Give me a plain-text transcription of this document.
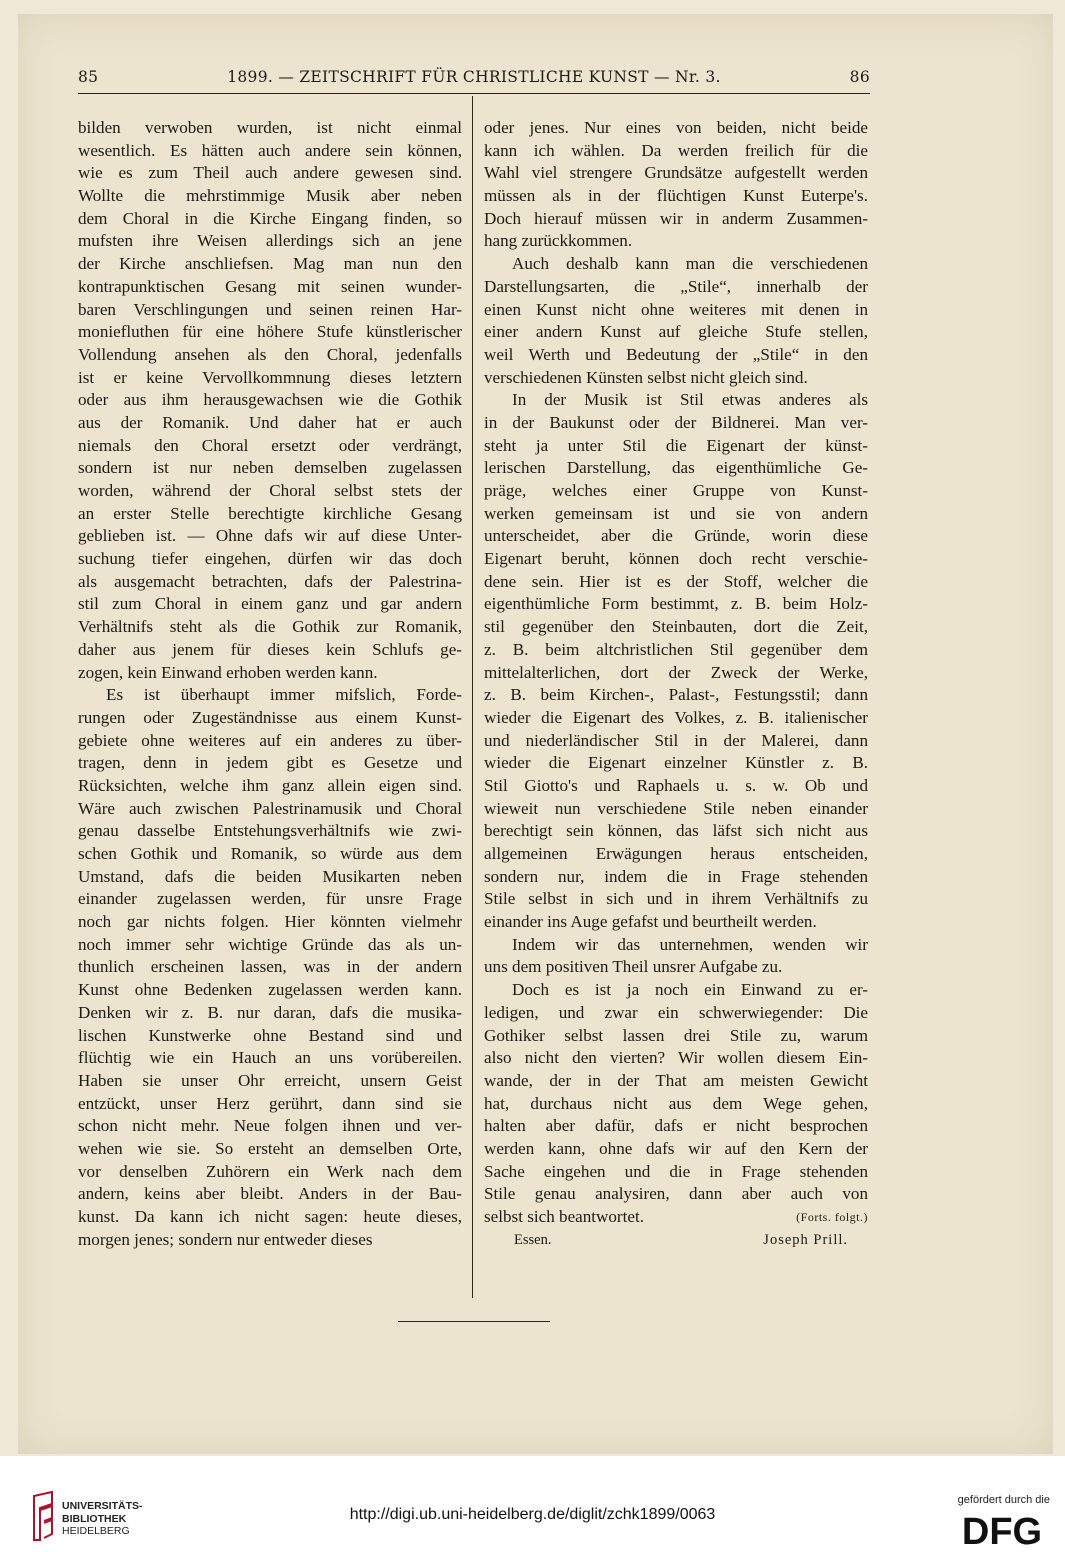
85	1899. — ZEITSCHRIFT FÜR CHRISTLICHE KUNST — Nr. 3.	86
bilden verwoben wurden, ist nicht einmal
wesentlich. Es hätten auch andere sein können,
wie es zum Theil auch andere gewesen sind.
Wollte die mehrstimmige Musik aber neben
dem Choral in die Kirche Eingang finden, so
mufsten ihre Weisen allerdings sich an jene
der Kirche anschliefsen. Mag man nun den
kontrapunktischen Gesang mit seinen wunder-
baren Verschlingungen und seinen reinen Har-
moniefluthen für eine höhere Stufe künstlerischer
Vollendung ansehen als den Choral, jedenfalls
ist er keine Vervollkommnung dieses letztern
oder aus ihm herausgewachsen wie die Gothik
aus der Romanik. Und daher hat er auch
niemals den Choral ersetzt oder verdrängt,
sondern ist nur neben demselben zugelassen
worden, während der Choral selbst stets der
an erster Stelle berechtigte kirchliche Gesang
geblieben ist. — Ohne dafs wir auf diese Unter-
suchung tiefer eingehen, dürfen wir das doch
als ausgemacht betrachten, dafs der Palestrina-
stil zum Choral in einem ganz und gar andern
Verhältnifs steht als die Gothik zur Romanik,
daher aus jenem für dieses kein Schlufs ge-
zogen, kein Einwand erhoben werden kann.
Es ist überhaupt immer mifslich, Forde-
rungen oder Zugeständnisse aus einem Kunst-
gebiete ohne weiteres auf ein anderes zu über-
tragen, denn in jedem gibt es Gesetze und
Rücksichten, welche ihm ganz allein eigen sind.
Wäre auch zwischen Palestrinamusik und Choral
genau dasselbe Entstehungsverhältnifs wie zwi-
schen Gothik und Romanik, so würde aus dem
Umstand, dafs die beiden Musikarten neben
einander zugelassen werden, für unsre Frage
noch gar nichts folgen. Hier könnten vielmehr
noch immer sehr wichtige Gründe das als un-
thunlich erscheinen lassen, was in der andern
Kunst ohne Bedenken zugelassen werden kann.
Denken wir z. B. nur daran, dafs die musika-
lischen Kunstwerke ohne Bestand sind und
flüchtig wie ein Hauch an uns vorübereilen.
Haben sie unser Ohr erreicht, unsern Geist
entzückt, unser Herz gerührt, dann sind sie
schon nicht mehr. Neue folgen ihnen und ver-
wehen wie sie. So ersteht an demselben Orte,
vor denselben Zuhörern ein Werk nach dem
andern, keins aber bleibt. Anders in der Bau-
kunst. Da kann ich nicht sagen: heute dieses,
morgen jenes; sondern nur entweder dieses
oder jenes. Nur eines von beiden, nicht beide
kann ich wählen. Da werden freilich für die
Wahl viel strengere Grundsätze aufgestellt werden
müssen als in der flüchtigen Kunst Euterpe's.
Doch hierauf müssen wir in anderm Zusammen-
hang zurückkommen.
Auch deshalb kann man die verschiedenen
Darstellungsarten, die „Stile“, innerhalb der
einen Kunst nicht ohne weiteres mit denen in
einer andern Kunst auf gleiche Stufe stellen,
weil Werth und Bedeutung der „Stile“ in den
verschiedenen Künsten selbst nicht gleich sind.
In der Musik ist Stil etwas anderes als
in der Baukunst oder der Bildnerei. Man ver-
steht ja unter Stil die Eigenart der künst-
lerischen Darstellung, das eigenthümliche Ge-
präge, welches einer Gruppe von Kunst-
werken gemeinsam ist und sie von andern
unterscheidet, aber die Gründe, worin diese
Eigenart beruht, können doch recht verschie-
dene sein. Hier ist es der Stoff, welcher die
eigenthümliche Form bestimmt, z. B. beim Holz-
stil gegenüber den Steinbauten, dort die Zeit,
z. B. beim altchristlichen Stil gegenüber dem
mittelalterlichen, dort der Zweck der Werke,
z. B. beim Kirchen-, Palast-, Festungsstil; dann
wieder die Eigenart des Volkes, z. B. italienischer
und niederländischer Stil in der Malerei, dann
wieder die Eigenart einzelner Künstler z. B.
Stil Giotto's und Raphaels u. s. w. Ob und
wieweit nun verschiedene Stile neben einander
berechtigt sein können, das läfst sich nicht aus
allgemeinen Erwägungen heraus entscheiden,
sondern nur, indem die in Frage stehenden
Stile selbst in sich und in ihrem Verhältnifs zu
einander ins Auge gefafst und beurtheilt werden.
Indem wir das unternehmen, wenden wir
uns dem positiven Theil unsrer Aufgabe zu.
Doch es ist ja noch ein Einwand zu er-
ledigen, und zwar ein schwerwiegender: Die
Gothiker selbst lassen drei Stile zu, warum
also nicht den vierten? Wir wollen diesem Ein-
wande, der in der That am meisten Gewicht
hat, durchaus nicht aus dem Wege gehen,
halten aber dafür, dafs er nicht besprochen
werden kann, ohne dafs wir auf den Kern der
Sache eingehen und die in Frage stehenden
Stile genau analysiren, dann aber auch von
selbst sich beantwortet.	(Forts. folgt.)
Essen.	Joseph Prill.
UNIVERSITÄTS-
BIBLIOTHEK
HEIDELBERG
http://digi.ub.uni-heidelberg.de/diglit/zchk1899/0063
gefördert durch die
DFG
